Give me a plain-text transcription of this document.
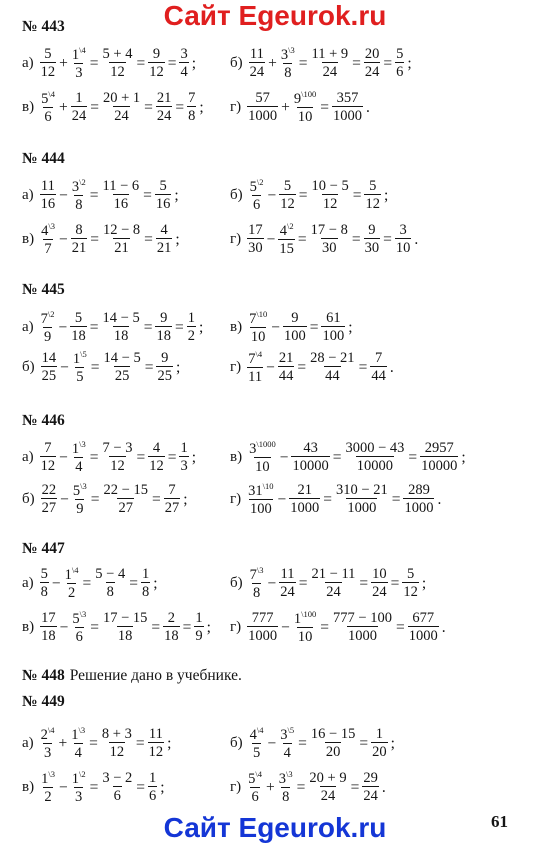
Сайт Egeurok.ru
№ 443
$а) \frac{5}{12} + \frac{1^{\backslash 4}}{3} = \frac{5 + 4}{12} = \frac{9}{12} = \frac{3}{4}$ ; $б) \frac{11}{24} + \frac{3^{\backslash 3}}{8} = \frac{11 + 9}{24} = \frac{20}{24} = \frac{5}{6}$ ;
$в) \frac{5^{\backslash 4}}{6} + \frac{1}{24} = \frac{20 + 1}{24} = \frac{21}{24} = \frac{7}{8}$ ; $г) \frac{57}{1000} + \frac{9^{\backslash 100}}{10} = \frac{357}{1000}$ .
№ 444
$а) \frac{11}{16} - \frac{3^{\backslash 2}}{8} = \frac{11 - 6}{16} = \frac{5}{16}$ ;	$б) \frac{5^{\backslash 2}}{6} - \frac{5}{12} = \frac{10 - 5}{12} = \frac{5}{12}$ ;
$в) \frac{4^{\backslash 3}}{7} - \frac{8}{21} = \frac{12 - 8}{21} = \frac{4}{21}$ ;	$г) \frac{17}{30} - \frac{4^{\backslash 2}}{15} = \frac{17 - 8}{30} = \frac{9}{30} = \frac{3}{10}$ .
№ 445
$а) \frac{7^{\backslash 2}}{9} - \frac{5}{18} = \frac{14 - 5}{18} = \frac{9}{18} = \frac{1}{2}$ ; $в) \frac{7^{\backslash 10}}{10} - \frac{9}{100} = \frac{61}{100}$ ;
$б) \frac{14}{25} - \frac{1^{\backslash 5}}{5} = \frac{14 - 5}{25} = \frac{9}{25}$ ;	$г) \frac{7^{\backslash 4}}{11} - \frac{21}{44} = \frac{28 - 21}{44} = \frac{7}{44}$ .
№ 446
$а) \frac{7}{12} - \frac{1^{\backslash 3}}{4} = \frac{7 - 3}{12} = \frac{4}{12} = \frac{1}{3}$ ; $в) \frac{3^{\backslash 1000}}{10} - \frac{43}{10000} = \frac{3000 - 43}{10000} = \frac{2957}{10000}$ ;
$б) \frac{22}{27} - \frac{5^{\backslash 3}}{9} = \frac{22 - 15}{27} = \frac{7}{27}$ ;	$г) \frac{31^{\backslash 10}}{100} - \frac{21}{1000} = \frac{310 - 21}{1000} = \frac{289}{1000}$ .
№ 447
$а) \frac{5}{8} - \frac{1^{\backslash 4}}{2} = \frac{5 - 4}{8} = \frac{1}{8}$ ;	$б) \frac{7^{\backslash 3}}{8} - \frac{11}{24} = \frac{21 - 11}{24} = \frac{10}{24} = \frac{5}{12}$ ;
$в) \frac{17}{18} - \frac{5^{\backslash 3}}{6} = \frac{17 - 15}{18} = \frac{2}{18} = \frac{1}{9}$ ; $г) \frac{777}{1000} - \frac{1^{\backslash 100}}{10} = \frac{777 - 100}{1000} = \frac{677}{1000}$ .
№ 448 Решение дано в учебнике.
№ 449
$а) \frac{2^{\backslash 4}}{3} + \frac{1^{\backslash 3}}{4} = \frac{8 + 3}{12} = \frac{11}{12}$ ;	$б) \frac{4^{\backslash 4}}{5} - \frac{3^{\backslash 5}}{4} = \frac{16 - 15}{20} = \frac{1}{20}$ ;
$в) \frac{1^{\backslash 3}}{2} - \frac{1^{\backslash 2}}{3} = \frac{3 - 2}{6} = \frac{1}{6}$ ;	$г) \frac{5^{\backslash 4}}{6} + \frac{3^{\backslash 3}}{8} = \frac{20 + 9}{24} = \frac{29}{24}$ .
Сайт Egeurok.ru	61
